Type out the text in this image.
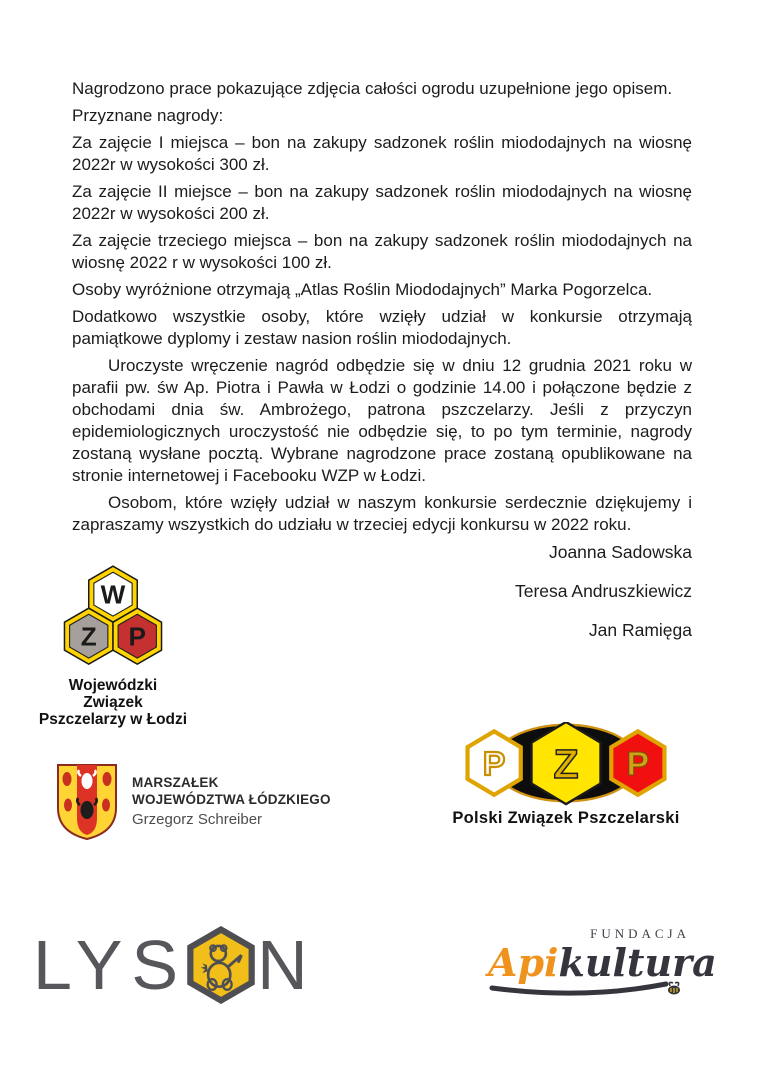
Nagrodzono prace pokazujące zdjęcia całości ogrodu uzupełnione jego opisem.

Przyznane nagrody:

Za zajęcie I miejsca – bon na zakupy sadzonek roślin miododajnych na wiosnę 2022r w wysokości 300 zł.

Za zajęcie II miejsce – bon na zakupy sadzonek roślin miododajnych na wiosnę 2022r w wysokości 200 zł.

Za zajęcie trzeciego miejsca – bon na zakupy sadzonek roślin miododajnych na wiosnę 2022 r w wysokości 100 zł.

Osoby wyróżnione otrzymają „Atlas Roślin Miododajnych” Marka Pogorzelca.

Dodatkowo wszystkie osoby, które wzięły udział w konkursie otrzymają pamiątkowe dyplomy i zestaw nasion roślin miododajnych.

Uroczyste wręczenie nagród odbędzie się w dniu 12 grudnia 2021 roku w parafii pw. św Ap. Piotra i Pawła w Łodzi o godzinie 14.00 i połączone będzie z obchodami dnia św. Ambrożego, patrona pszczelarzy. Jeśli z przyczyn epidemiologicznych uroczystość nie odbędzie się, to po tym terminie, nagrody zostaną wysłane pocztą. Wybrane nagrodzone prace zostaną opublikowane na stronie internetowej i Facebooku WZP w Łodzi.

Osobom, które wzięły udział w naszym konkursie serdecznie dziękujemy i zapraszamy wszystkich do udziału w trzeciej edycji konkursu w 2022 roku.

Joanna Sadowska
Teresa Andruszkiewicz
Jan Ramięga
W
Z P
Wojewódzki Związek
Pszczelarzy w Łodzi
MARSZAŁEK
WOJEWÓDZTWA ŁÓDZKIEGO
Grzegorz Schreiber
P Z P
Polski Związek Pszczelarski
LYS N	FUNDACJA
Apikultura
